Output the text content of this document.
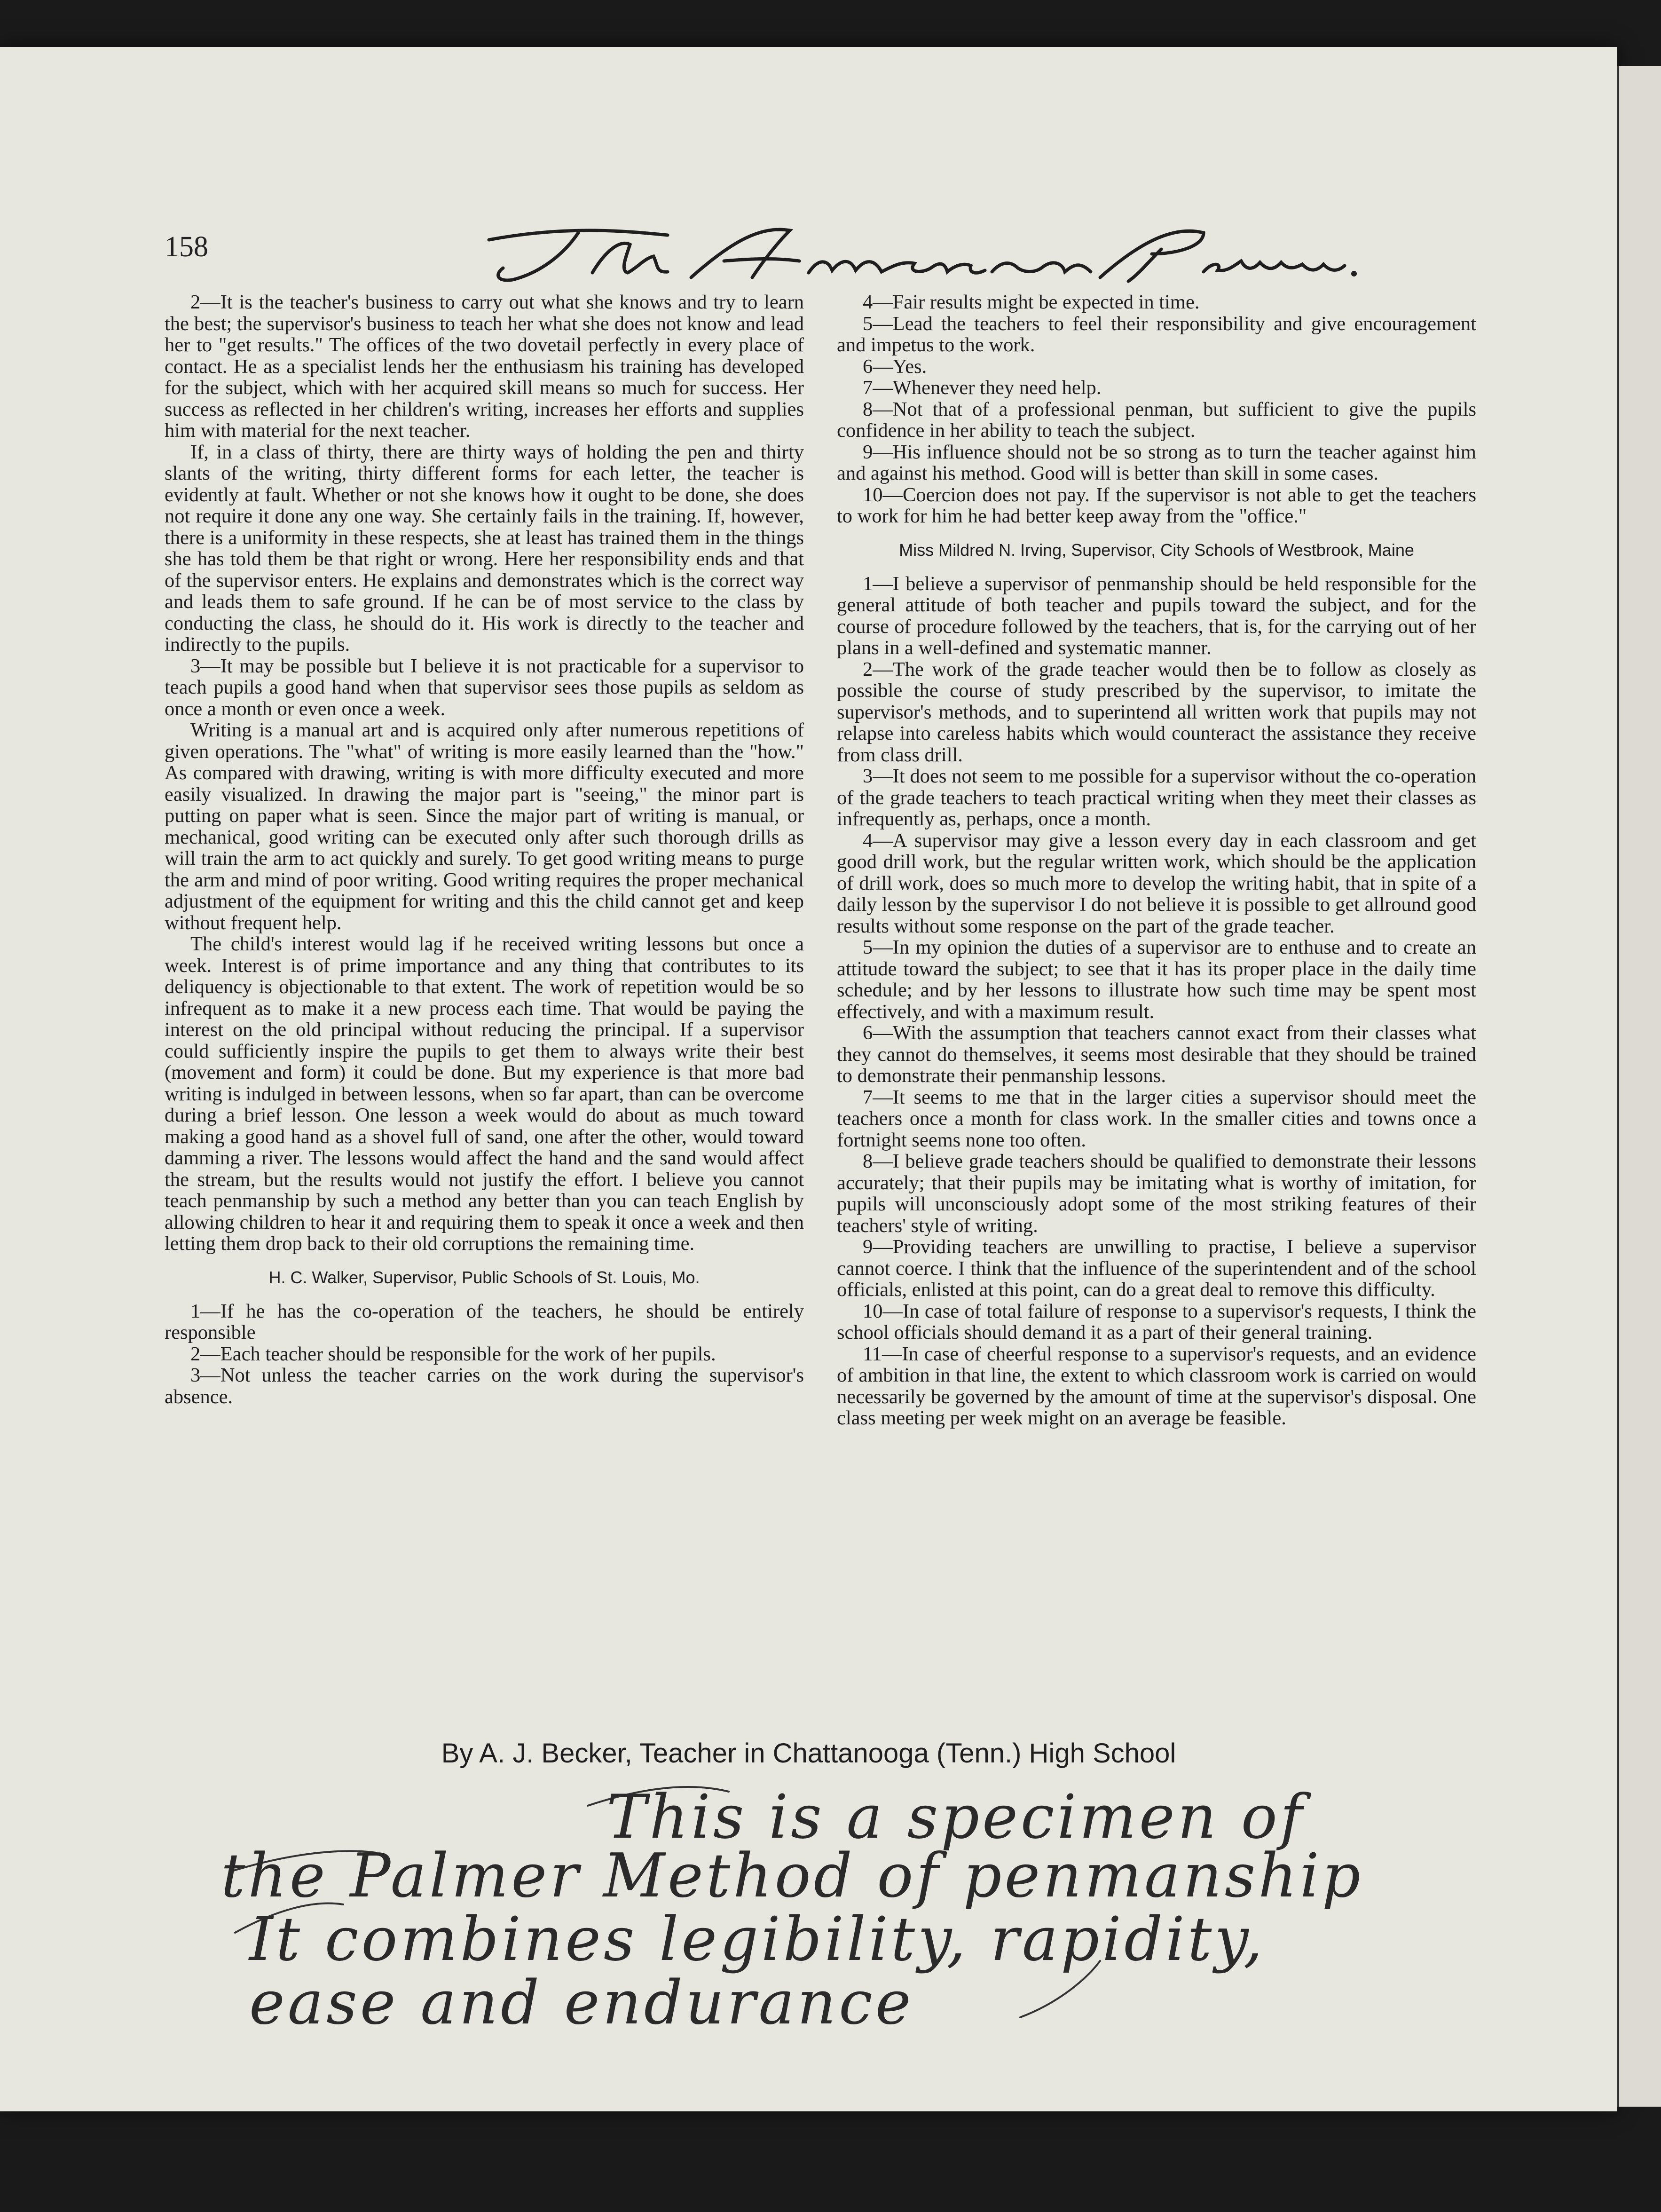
158

2—It is the teacher's business to carry out what she knows and try to learn the best; the supervisor's business to teach her what she does not know and lead her to "get results." The offices of the two dovetail perfectly in every place of contact. He as a specialist lends her the enthusiasm his training has developed for the subject, which with her acquired skill means so much for success. Her success as reflected in her children's writing, increases her efforts and supplies him with material for the next teacher.

If, in a class of thirty, there are thirty ways of holding the pen and thirty slants of the writing, thirty different forms for each letter, the teacher is evidently at fault. Whether or not she knows how it ought to be done, she does not require it done any one way. She certainly fails in the training. If, however, there is a uniformity in these respects, she at least has trained them in the things she has told them be that right or wrong. Here her responsibility ends and that of the supervisor enters. He explains and demonstrates which is the correct way and leads them to safe ground. If he can be of most service to the class by conducting the class, he should do it. His work is directly to the teacher and indirectly to the pupils.

3—It may be possible but I believe it is not practicable for a supervisor to teach pupils a good hand when that supervisor sees those pupils as seldom as once a month or even once a week.

Writing is a manual art and is acquired only after numerous repetitions of given operations. The "what" of writing is more easily learned than the "how." As compared with drawing, writing is with more difficulty executed and more easily visualized. In drawing the major part is "seeing," the minor part is putting on paper what is seen. Since the major part of writing is manual, or mechanical, good writing can be executed only after such thorough drills as will train the arm to act quickly and surely. To get good writing means to purge the arm and mind of poor writing. Good writing requires the proper mechanical adjustment of the equipment for writing and this the child cannot get and keep without frequent help.

The child's interest would lag if he received writing lessons but once a week. Interest is of prime importance and any thing that contributes to its deliquency is objectionable to that extent. The work of repetition would be so infrequent as to make it a new process each time. That would be paying the interest on the old principal without reducing the principal. If a supervisor could sufficiently inspire the pupils to get them to always write their best (movement and form) it could be done. But my experience is that more bad writing is indulged in between lessons, when so far apart, than can be overcome during a brief lesson. One lesson a week would do about as much toward making a good hand as a shovel full of sand, one after the other, would toward damming a river. The lessons would affect the hand and the sand would affect the stream, but the results would not justify the effort. I believe you cannot teach penmanship by such a method any better than you can teach English by allowing children to hear it and requiring them to speak it once a week and then letting them drop back to their old corruptions the remaining time.

H. C. Walker, Supervisor, Public Schools of St. Louis, Mo.

1—If he has the co-operation of the teachers, he should be entirely responsible

2—Each teacher should be responsible for the work of her pupils.

3—Not unless the teacher carries on the work during the supervisor's absence.

4—Fair results might be expected in time.

5—Lead the teachers to feel their responsibility and give encouragement and impetus to the work.

6—Yes.

7—Whenever they need help.

8—Not that of a professional penman, but sufficient to give the pupils confidence in her ability to teach the subject.

9—His influence should not be so strong as to turn the teacher against him and against his method. Good will is better than skill in some cases.

10—Coercion does not pay. If the supervisor is not able to get the teachers to work for him he had better keep away from the "office."

Miss Mildred N. Irving, Supervisor, City Schools of Westbrook, Maine

1—I believe a supervisor of penmanship should be held responsible for the general attitude of both teacher and pupils toward the subject, and for the course of procedure followed by the teachers, that is, for the carrying out of her plans in a well-defined and systematic manner.

2—The work of the grade teacher would then be to follow as closely as possible the course of study prescribed by the supervisor, to imitate the supervisor's methods, and to superintend all written work that pupils may not relapse into careless habits which would counteract the assistance they receive from class drill.

3—It does not seem to me possible for a supervisor without the co-operation of the grade teachers to teach practical writing when they meet their classes as infrequently as, perhaps, once a month.

4—A supervisor may give a lesson every day in each classroom and get good drill work, but the regular written work, which should be the application of drill work, does so much more to develop the writing habit, that in spite of a daily lesson by the supervisor I do not believe it is possible to get allround good results without some response on the part of the grade teacher.

5—In my opinion the duties of a supervisor are to enthuse and to create an attitude toward the subject; to see that it has its proper place in the daily time schedule; and by her lessons to illustrate how such time may be spent most effectively, and with a maximum result.

6—With the assumption that teachers cannot exact from their classes what they cannot do themselves, it seems most desirable that they should be trained to demonstrate their penmanship lessons.

7—It seems to me that in the larger cities a supervisor should meet the teachers once a month for class work. In the smaller cities and towns once a fortnight seems none too often.

8—I believe grade teachers should be qualified to demonstrate their lessons accurately; that their pupils may be imitating what is worthy of imitation, for pupils will unconsciously adopt some of the most striking features of their teachers' style of writing.

9—Providing teachers are unwilling to practise, I believe a supervisor cannot coerce. I think that the influence of the superintendent and of the school officials, enlisted at this point, can do a great deal to remove this difficulty.

10—In case of total failure of response to a supervisor's requests, I think the school officials should demand it as a part of their general training.

11—In case of cheerful response to a supervisor's requests, and an evidence of ambition in that line, the extent to which classroom work is carried on would necessarily be governed by the amount of time at the supervisor's disposal. One class meeting per week might on an average be feasible.

By A. J. Becker, Teacher in Chattanooga (Tenn.) High School
This is a specimen of
the Palmer Method of penmanship
It combines legibility, rapidity,
ease and endurance
